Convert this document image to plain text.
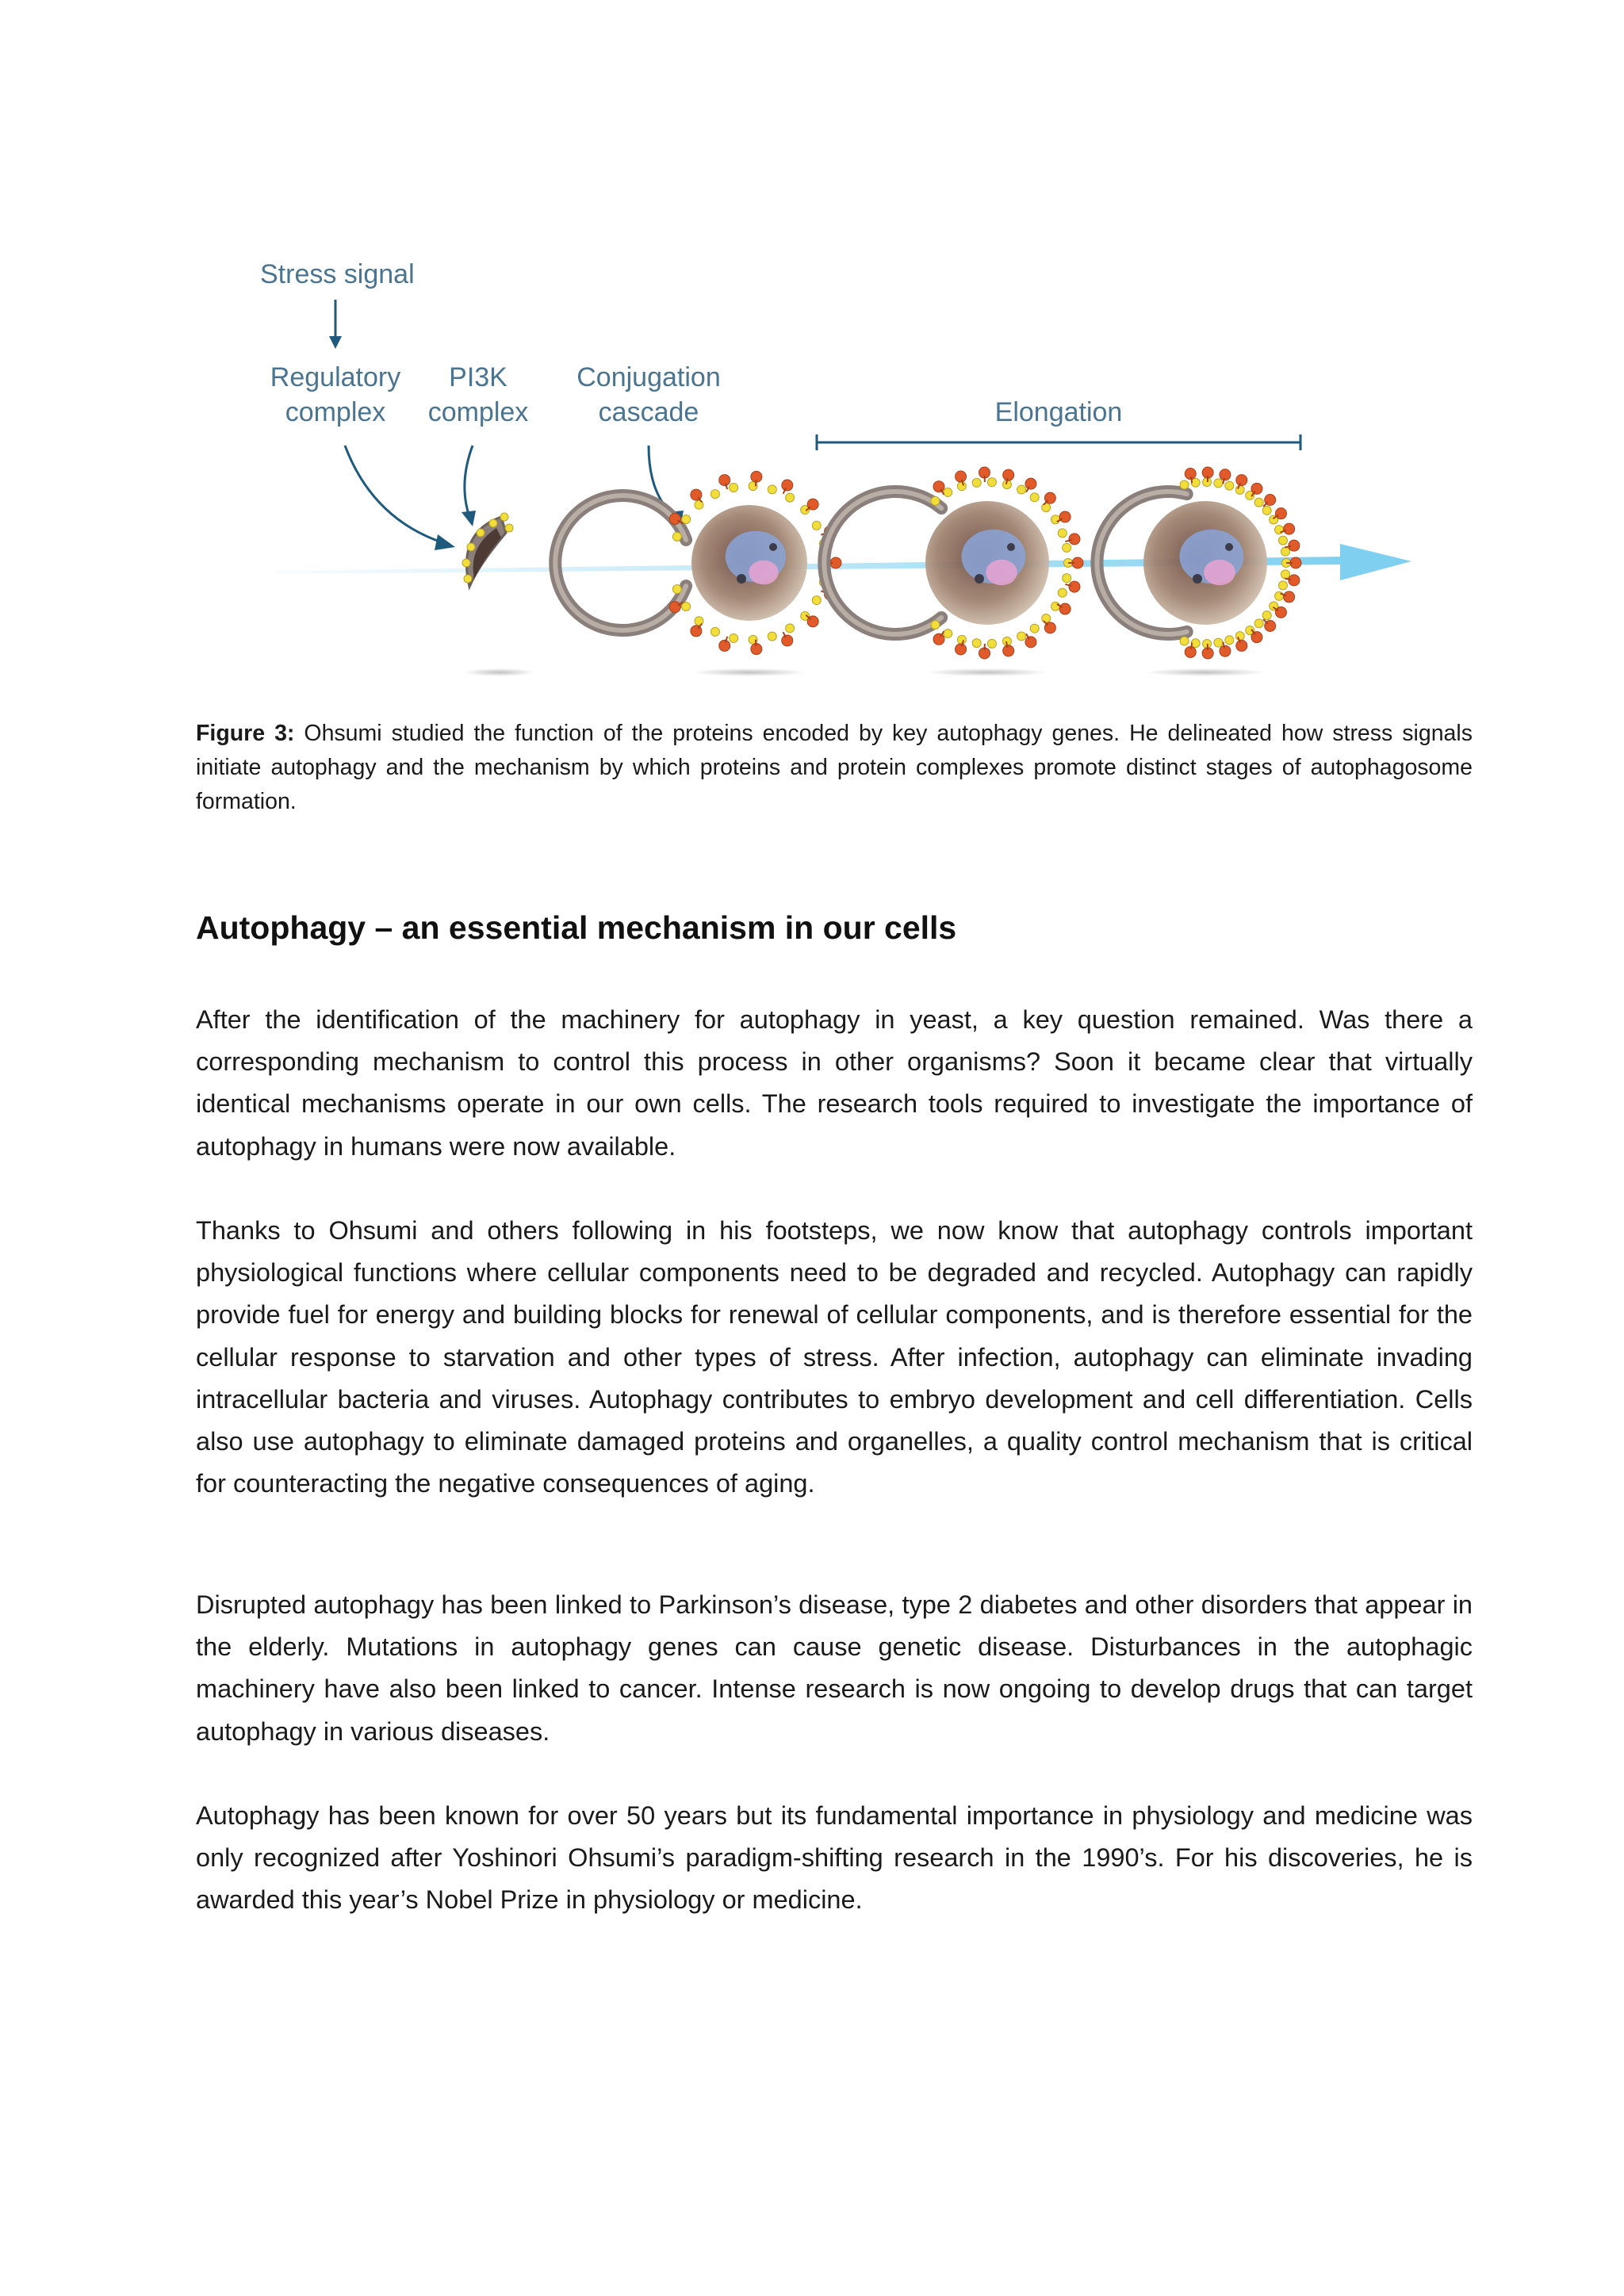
Stress signal
Regulatory
complex
PI3K
complex
Conjugation
cascade	Elongation
Figure 3: Ohsumi studied the function of the proteins encoded by key autophagy genes. He delineated how stress signals initiate autophagy and the mechanism by which proteins and protein complexes promote distinct stages of autophagosome formation.
Autophagy – an essential mechanism in our cells
After the identification of the machinery for autophagy in yeast, a key question remained. Was there a corresponding mechanism to control this process in other organisms? Soon it became clear that virtually identical mechanisms operate in our own cells. The research tools required to investigate the importance of autophagy in humans were now available.
Thanks to Ohsumi and others following in his footsteps, we now know that autophagy controls important physiological functions where cellular components need to be degraded and recycled. Autophagy can rapidly provide fuel for energy and building blocks for renewal of cellular components, and is therefore essential for the cellular response to starvation and other types of stress. After infection, autophagy can eliminate invading intracellular bacteria and viruses. Autophagy contributes to embryo development and cell differentiation. Cells also use autophagy to eliminate damaged proteins and organelles, a quality control mechanism that is critical for counteracting the negative consequences of aging.
Disrupted autophagy has been linked to Parkinson’s disease, type 2 diabetes and other disorders that appear in the elderly. Mutations in autophagy genes can cause genetic disease. Disturbances in the autophagic machinery have also been linked to cancer. Intense research is now ongoing to develop drugs that can target autophagy in various diseases.
Autophagy has been known for over 50 years but its fundamental importance in physiology and medicine was only recognized after Yoshinori Ohsumi’s paradigm-shifting research in the 1990’s. For his discoveries, he is awarded this year’s Nobel Prize in physiology or medicine.
